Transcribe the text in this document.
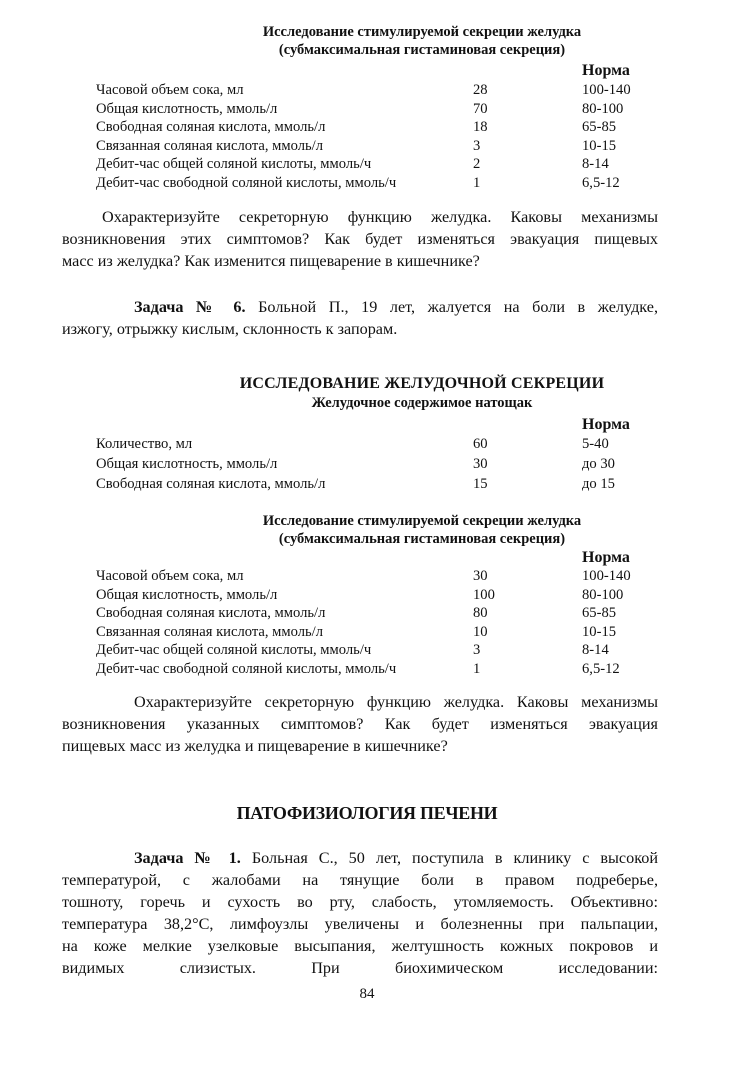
Исследование стимулируемой секреции желудка
(субмаксимальная гистаминовая секреция)
Норма
Часовой объем сока, мл	28	100-140
Общая кислотность, ммоль/л	70	80-100
Свободная соляная кислота, ммоль/л	18	65-85
Связанная соляная кислота, ммоль/л	3	10-15
Дебит-час общей соляной кислоты, ммоль/ч	2	8-14
Дебит-час свободной соляной кислоты, ммоль/ч	1	6,5-12
Охарактеризуйте секреторную функцию желудка. Каковы механизмы
возникновения этих симптомов? Как будет изменяться эвакуация пищевых
масс из желудка? Как изменится пищеварение в кишечнике?
Задача № 6. Больной П., 19 лет, жалуется на боли в желудке,
изжогу, отрыжку кислым, склонность к запорам.
ИССЛЕДОВАНИЕ ЖЕЛУДОЧНОЙ СЕКРЕЦИИ
Желудочное содержимое натощак
Норма
Количество, мл	60	5-40
Общая кислотность, ммоль/л	30	до 30
Свободная соляная кислота, ммоль/л	15	до 15
Исследование стимулируемой секреции желудка
(субмаксимальная гистаминовая секреция)
Норма
Часовой объем сока, мл	30	100-140
Общая кислотность, ммоль/л	100	80-100
Свободная соляная кислота, ммоль/л	80	65-85
Связанная соляная кислота, ммоль/л	10	10-15
Дебит-час общей соляной кислоты, ммоль/ч	3	8-14
Дебит-час свободной соляной кислоты, ммоль/ч	1	6,5-12
Охарактеризуйте секреторную функцию желудка. Каковы механизмы
возникновения указанных симптомов? Как будет изменяться эвакуация
пищевых масс из желудка и пищеварение в кишечнике?
ПАТОФИЗИОЛОГИЯ ПЕЧЕНИ
Задача № 1. Больная С., 50 лет, поступила в клинику с высокой
температурой, с жалобами на тянущие боли в правом подреберье,
тошноту, горечь и сухость во рту, слабость, утомляемость. Объективно:
температура 38,2°С, лимфоузлы увеличены и болезненны при пальпации,
на коже мелкие узелковые высыпания, желтушность кожных покровов и
видимых слизистых. При биохимическом исследовании:
84
